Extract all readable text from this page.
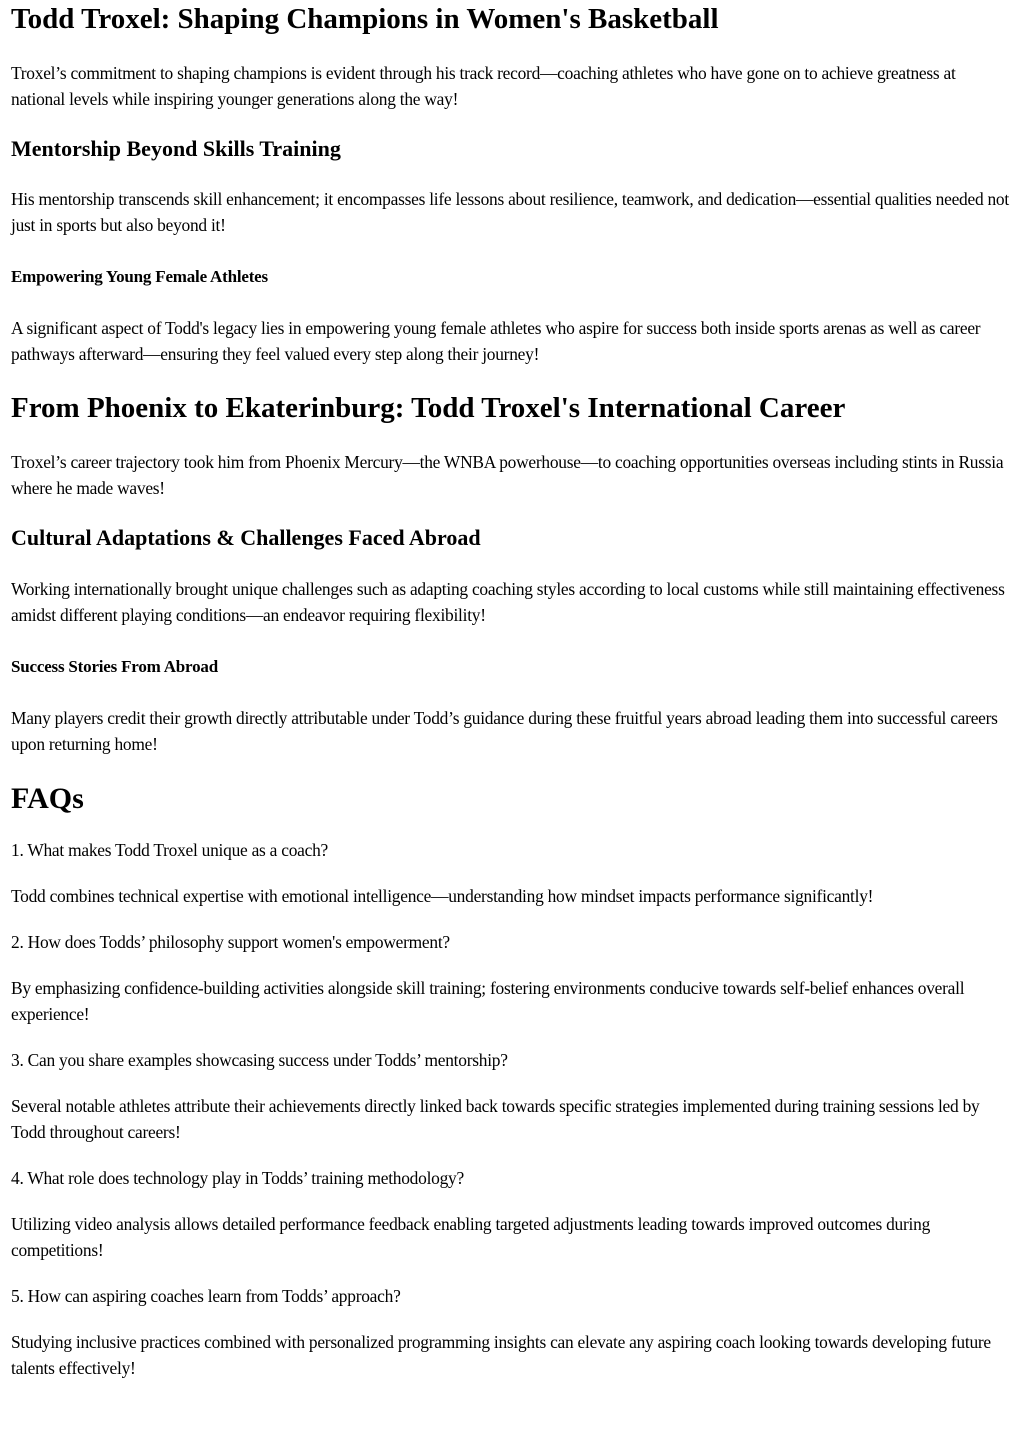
Todd Troxel: Shaping Champions in Women's Basketball

Troxel’s commitment to shaping champions is evident through his track record—coaching athletes who have gone on to achieve greatness at national levels while inspiring younger generations along the way!

Mentorship Beyond Skills Training

His mentorship transcends skill enhancement; it encompasses life lessons about resilience, teamwork, and dedication—essential qualities needed not just in sports but also beyond it!

Empowering Young Female Athletes

A significant aspect of Todd's legacy lies in empowering young female athletes who aspire for success both inside sports arenas as well as career pathways afterward—ensuring they feel valued every step along their journey!

From Phoenix to Ekaterinburg: Todd Troxel's International Career

Troxel’s career trajectory took him from Phoenix Mercury—the WNBA powerhouse—to coaching opportunities overseas including stints in Russia where he made waves!

Cultural Adaptations & Challenges Faced Abroad

Working internationally brought unique challenges such as adapting coaching styles according to local customs while still maintaining effectiveness amidst different playing conditions—an endeavor requiring flexibility!

Success Stories From Abroad

Many players credit their growth directly attributable under Todd’s guidance during these fruitful years abroad leading them into successful careers upon returning home!

FAQs

1. What makes Todd Troxel unique as a coach?

Todd combines technical expertise with emotional intelligence—understanding how mindset impacts performance significantly!

2. How does Todds’ philosophy support women's empowerment?

By emphasizing confidence-building activities alongside skill training; fostering environments conducive towards self-belief enhances overall experience!

3. Can you share examples showcasing success under Todds’ mentorship?

Several notable athletes attribute their achievements directly linked back towards specific strategies implemented during training sessions led by Todd throughout careers!

4. What role does technology play in Todds’ training methodology?

Utilizing video analysis allows detailed performance feedback enabling targeted adjustments leading towards improved outcomes during competitions!

5. How can aspiring coaches learn from Todds’ approach?

Studying inclusive practices combined with personalized programming insights can elevate any aspiring coach looking towards developing future talents effectively!
